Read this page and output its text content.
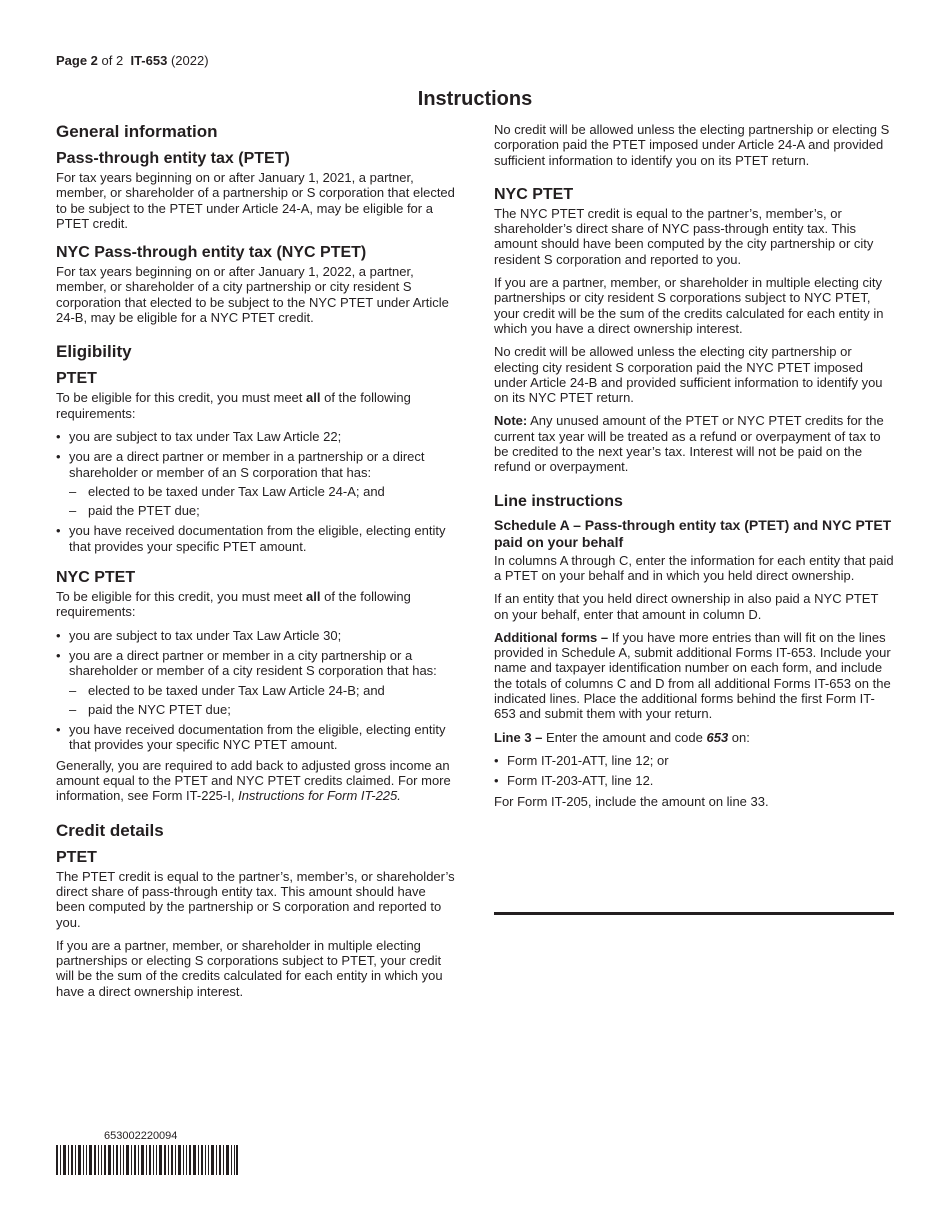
Page 2 of 2 IT-653 (2022)
Instructions
General information
Pass-through entity tax (PTET)

For tax years beginning on or after January 1, 2021, a partner, member, or shareholder of a partnership or S corporation that elected to be subject to the PTET under Article 24-A, may be eligible for a PTET credit.

NYC Pass-through entity tax (NYC PTET)

For tax years beginning on or after January 1, 2022, a partner, member, or shareholder of a city partnership or city resident S corporation that elected to be subject to the NYC PTET under Article 24-B, may be eligible for a NYC PTET credit.

Eligibility
PTET

To be eligible for this credit, you must meet all of the following requirements:

• you are subject to tax under Tax Law Article 22;
• you are a direct partner or member in a partnership or a direct shareholder or member of an S corporation that has:
– elected to be taxed under Tax Law Article 24-A; and
– paid the PTET due;
• you have received documentation from the eligible, electing entity that provides your specific PTET amount.
NYC PTET

To be eligible for this credit, you must meet all of the following requirements:

• you are subject to tax under Tax Law Article 30;
• you are a direct partner or member in a city partnership or a shareholder or member of a city resident S corporation that has:
– elected to be taxed under Tax Law Article 24-B; and
– paid the NYC PTET due;
• you have received documentation from the eligible, electing entity that provides your specific NYC PTET amount.

Generally, you are required to add back to adjusted gross income an amount equal to the PTET and NYC PTET credits claimed. For more information, see Form IT-225-I, Instructions for Form IT-225.

Credit details
PTET

The PTET credit is equal to the partner’s, member’s, or shareholder’s direct share of pass-through entity tax. This amount should have been computed by the partnership or S corporation and reported to you.

If you are a partner, member, or shareholder in multiple electing partnerships or electing S corporations subject to PTET, your credit will be the sum of the credits calculated for each entity in which you have a direct ownership interest.

No credit will be allowed unless the electing partnership or electing S corporation paid the PTET imposed under Article 24-A and provided sufficient information to identify you on its PTET return.

NYC PTET

The NYC PTET credit is equal to the partner’s, member’s, or shareholder’s direct share of NYC pass-through entity tax. This amount should have been computed by the city partnership or city resident S corporation and reported to you.

If you are a partner, member, or shareholder in multiple electing city partnerships or city resident S corporations subject to NYC PTET, your credit will be the sum of the credits calculated for each entity in which you have a direct ownership interest.

No credit will be allowed unless the electing city partnership or electing city resident S corporation paid the NYC PTET imposed under Article 24-B and provided sufficient information to identify you on its NYC PTET return.

Note: Any unused amount of the PTET or NYC PTET credits for the current tax year will be treated as a refund or overpayment of tax to be credited to the next year’s tax. Interest will not be paid on the refund or overpayment.

Line instructions
Schedule A – Pass-through entity tax (PTET) and NYC PTET paid on your behalf

In columns A through C, enter the information for each entity that paid a PTET on your behalf and in which you held direct ownership.

If an entity that you held direct ownership in also paid a NYC PTET on your behalf, enter that amount in column D.

Additional forms – If you have more entries than will fit on the lines provided in Schedule A, submit additional Forms IT-653. Include your name and taxpayer identification number on each form, and include the totals of columns C and D from all additional Forms IT-653 on the indicated lines. Place the additional forms behind the first Form IT-653 and submit them with your return.

Line 3 – Enter the amount and code 653 on:

• Form IT-201-ATT, line 12; or
• Form IT-203-ATT, line 12.

For Form IT-205, include the amount on line 33.

653002220094
